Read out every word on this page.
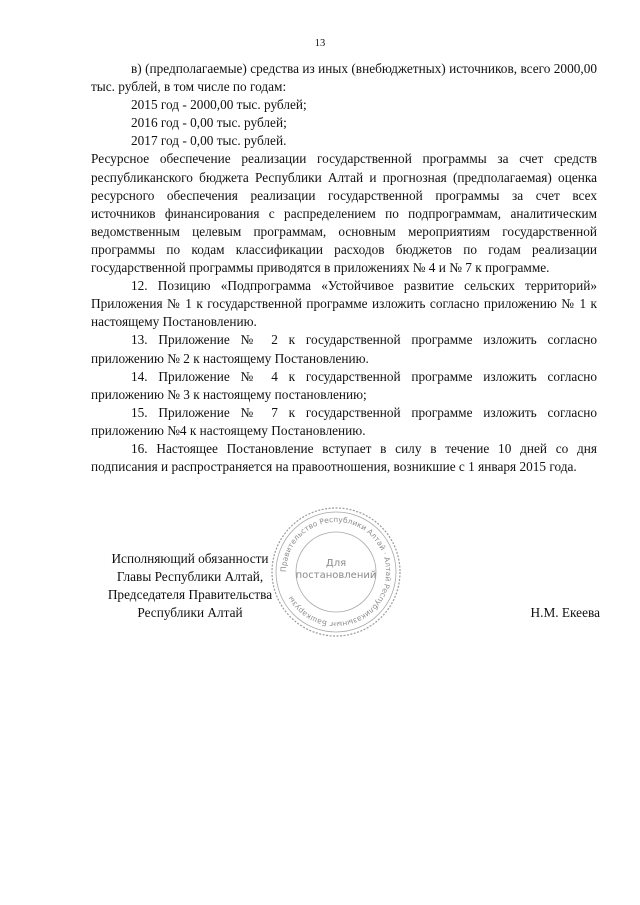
13

в) (предполагаемые) средства из иных (внебюджетных) источников, всего 2000,00 тыс. рублей, в том числе по годам:

2015 год - 2000,00 тыс. рублей;

2016 год - 0,00 тыс. рублей;

2017 год - 0,00 тыс. рублей.

Ресурсное обеспечение реализации государственной программы за счет средств республиканского бюджета Республики Алтай и прогнозная (предполагаемая) оценка ресурсного обеспечения реализации государственной программы за счет всех источников финансирования с распределением по подпрограммам, аналитическим ведомственным целевым программам, основным мероприятиям государственной программы по кодам классификации расходов бюджетов по годам реализации государственной программы приводятся в приложениях № 4 и № 7 к программе.

12. Позицию «Подпрограмма «Устойчивое развитие сельских территорий» Приложения № 1 к государственной программе изложить согласно приложению № 1 к настоящему Постановлению.

13. Приложение № 2 к государственной программе изложить согласно приложению № 2 к настоящему Постановлению.

14. Приложение № 4 к государственной программе изложить согласно приложению № 3 к настоящему постановлению;

15. Приложение № 7 к государственной программе изложить согласно приложению №4 к настоящему Постановлению.

16. Настоящее Постановление вступает в силу в течение 10 дней со дня подписания и распространяется на правоотношения, возникшие с 1 января 2015 года.

Исполняющий обязанности
Главы Республики Алтай,
Председателя Правительства
Республики Алтай	Н.М. Екеева
Правительство Республики Алтай · Алтай Республиказыныҥ Башкарузы
Для
постановлений
